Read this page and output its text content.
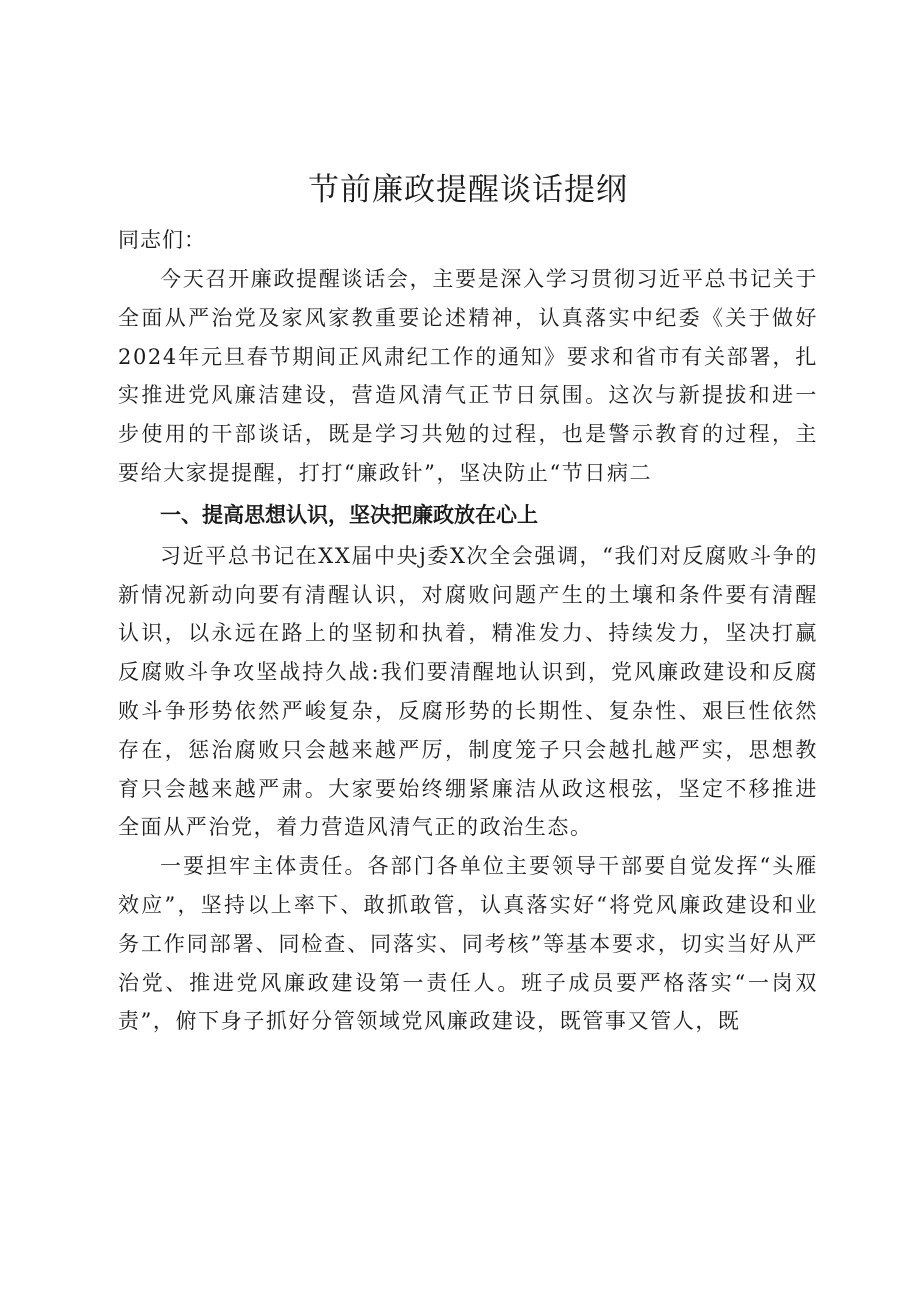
节前廉政提醒谈话提纲

同志们：

今天召开廉政提醒谈话会，主要是深入学习贯彻习近平总书记关于全面从严治党及家风家教重要论述精神，认真落实中纪委《关于做好2024年元旦春节期间正风肃纪工作的通知》要求和省市有关部署，扎实推进党风廉洁建设，营造风清气正节日氛围。这次与新提拔和进一步使用的干部谈话，既是学习共勉的过程，也是警示教育的过程，主要给大家提提醒，打打“廉政针”，坚决防止“节日病二

一、提高思想认识，坚决把廉政放在心上

习近平总书记在XX届中央j委X次全会强调，“我们对反腐败斗争的新情况新动向要有清醒认识，对腐败问题产生的土壤和条件要有清醒认识，以永远在路上的坚韧和执着，精准发力、持续发力，坚决打赢反腐败斗争攻坚战持久战:我们要清醒地认识到，党风廉政建设和反腐败斗争形势依然严峻复杂，反腐形势的长期性、复杂性、艰巨性依然存在，惩治腐败只会越来越严厉，制度笼子只会越扎越严实，思想教育只会越来越严肃。大家要始终绷紧廉洁从政这根弦，坚定不移推进全面从严治党，着力营造风清气正的政治生态。

一要担牢主体责任。各部门各单位主要领导干部要自觉发挥“头雁效应”，坚持以上率下、敢抓敢管，认真落实好“将党风廉政建设和业务工作同部署、同检查、同落实、同考核”等基本要求，切实当好从严治党、推进党风廉政建设第一责任人。班子成员要严格落实“一岗双责”，俯下身子抓好分管领域党风廉政建设，既管事又管人，既
